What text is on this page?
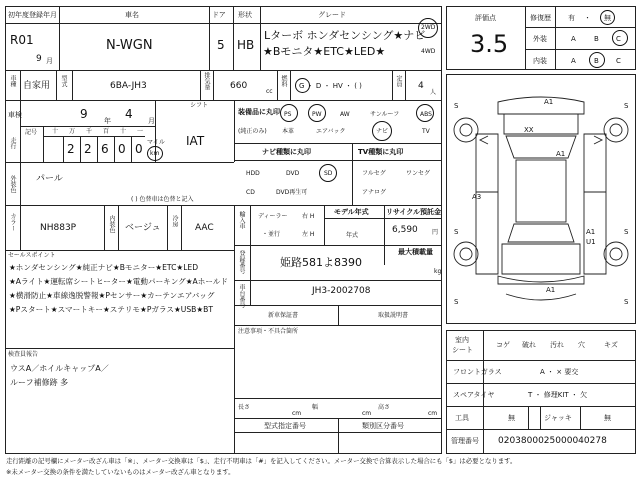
初年度登録年月
R01
9 月
車名
N-WGN
ドア
5
形状
HB
グレード
Lターボ ホンダセンシング★ナビ
★Bモニタ★ETC★LED★
2WD
4WD
車種 自家用 型式	6BA-JH3	排気量 660
cc
燃料 G ・ D ・ HV ・ ( )	定員 4
人
車検	9 年 4 月
シフト
IAT
走行
記号 十 万 千 百 十 一
2 2 6 0 0 マイル
km
装備品に丸印
(純正のみ)
PS	PW	AW	サンルーフ	ABS
本革	エアバック	ナビ	TV
ナビ種類に丸印	TV種類に丸印
HDD	DVD	SD
CD	DVD再生可
フルセグ	ワンセグ
アナログ
外装色 パール
( ) 色替車は色替と記入
カラー	NH883P	内装色 ベージュ
冷房
AAC	輸入車 ディーラー
・並行
右 H
左 H
モデル年式
年式
リサイクル預託金
6,590 円
最大積載量
kg
登録番号	姫路581よ8390
車台番号	JH3-2002708
セールスポイント
★ホンダセンシング★純正ナビ★Bモニター★ETC★LED
★Aライト★運転席シートヒーター★電動パーキング★Aホールド
★横滑防止★車線逸脱警報★Pセンサー★カーテンエアバッグ
★Pスタート★スマートキー★ステリモ★Pガラス★USB★BT
新車保証書	取扱説明書
注意事項・不具合箇所
検査員報告
ウスA／ホイルキャップA／
ルーフ補修跡 多
長さ
cm
幅
cm
高さ
cm
型式指定番号	類別区分番号
評価点
3.5
修復歴 有 ・ 無
外装	A	B C
内装	A	B C
S	S
S	S
S	S
A1
XX
A1
A3
A1
U1
A1
室内
シート
コゲ 破れ 汚れ 穴	キズ
フロントガラス	A ・ × 要交
スペアタイヤ	T ・ 修理KIT ・ 欠
工具	無	ジャッキ	無
管理番号 0203800025000040278
走行距離の記号欄にメーター改ざん車は「※」、メーター交換車は「$」、走行不明車は「#」を記入してください。メーター交換で合算表示した場合にも「$」は必要となります。
※未メーター交換の条件を満たしていないものはメーター改ざん車となります。
